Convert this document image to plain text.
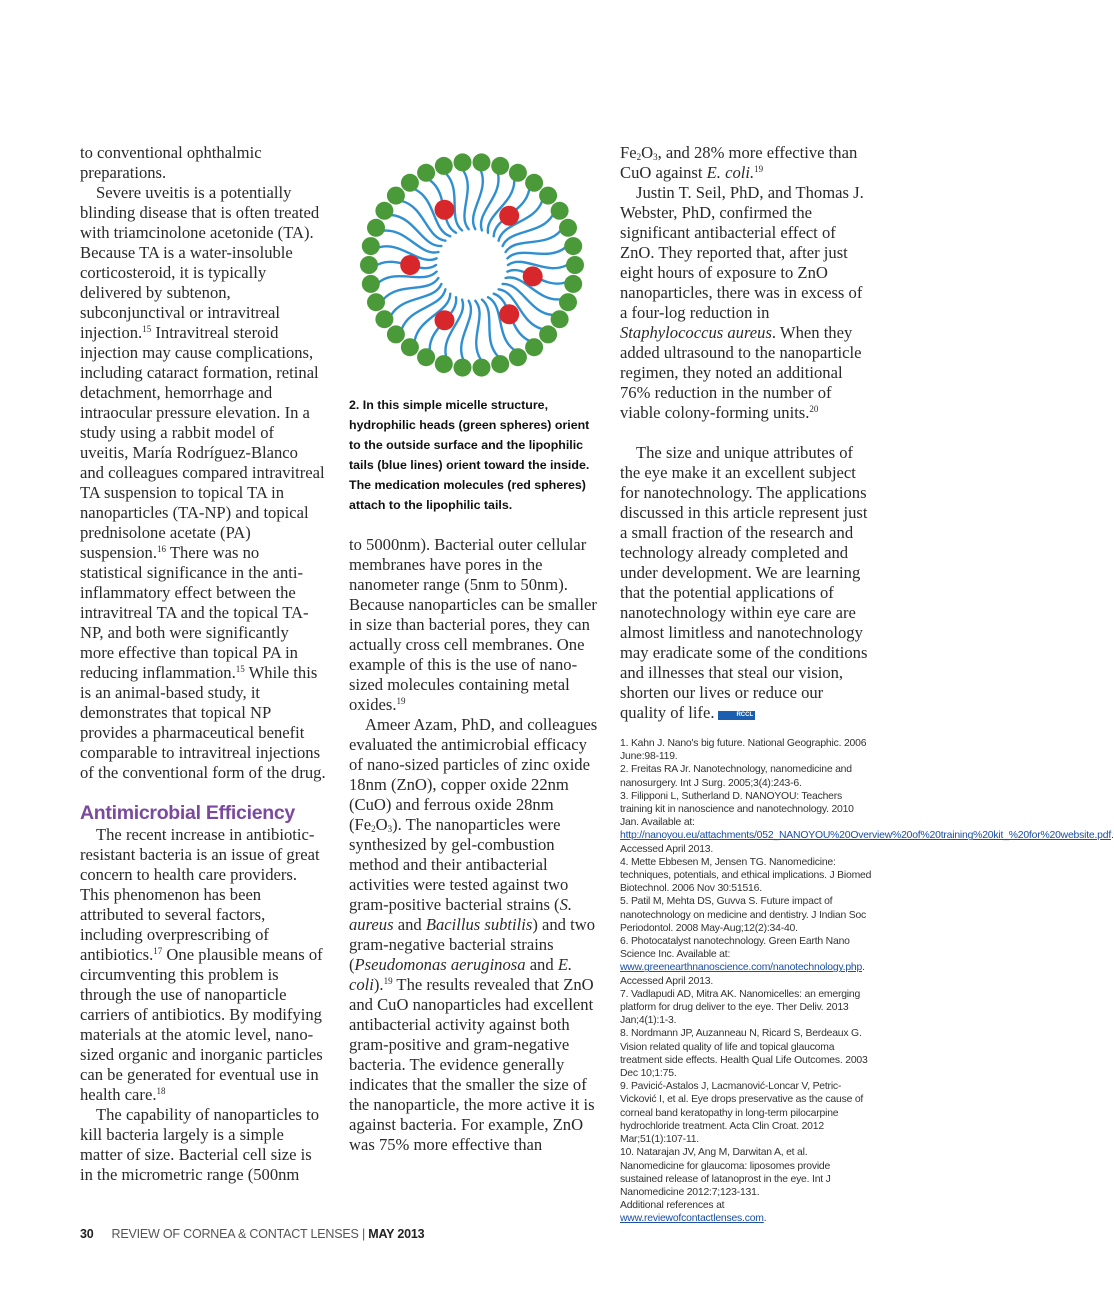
to conventional ophthalmic preparations.

Severe uveitis is a potentially blinding disease that is often treated with triamcinolone acetonide (TA). Because TA is a water-insoluble corticosteroid, it is typically delivered by subtenon, subconjunctival or intravitreal injection.$^{15}$ Intravitreal steroid injection may cause complications, including cataract formation, retinal detachment, hemorrhage and intraocular pressure elevation. In a study using a rabbit model of uveitis, María Rodríguez-Blanco and colleagues compared intravitreal TA suspension to topical TA in nanoparticles (TA-NP) and topical prednisolone acetate (PA) suspension.$^{16}$ There was no statistical significance in the anti-inflammatory effect between the intravitreal TA and the topical TA-NP, and both were significantly more effective than topical PA in reducing inflammation.$^{15}$ While this is an animal-based study, it demonstrates that topical NP provides a pharmaceutical benefit comparable to intravitreal injections of the conventional form of the drug.

Antimicrobial Efficiency

The recent increase in antibiotic-resistant bacteria is an issue of great concern to health care providers. This phenomenon has been attributed to several factors, including overprescribing of antibiotics.$^{17}$ One plausible means of circumventing this problem is through the use of nanoparticle carriers of antibiotics. By modifying materials at the atomic level, nano-sized organic and inorganic particles can be generated for eventual use in health care.$^{18}$

The capability of nanoparticles to kill bacteria largely is a simple matter of size. Bacterial cell size is in the micrometric range (500nm

2. In this simple micelle structure, hydrophilic heads (green spheres) orient to the outside surface and the lipophilic tails (blue lines) orient toward the inside. The medication molecules (red spheres) attach to the lipophilic tails.

to 5000nm). Bacterial outer cellular membranes have pores in the nanometer range (5nm to 50nm). Because nanoparticles can be smaller in size than bacterial pores, they can actually cross cell membranes. One example of this is the use of nano-sized molecules containing metal oxides.$^{19}$

Ameer Azam, PhD, and colleagues evaluated the antimicrobial efficacy of nano-sized particles of zinc oxide 18nm (ZnO), copper oxide 22nm (CuO) and ferrous oxide 28nm $(Fe_2O_3)$. The nanoparticles were synthesized by gel-combustion method and their antibacterial activities were tested against two gram-positive bacterial strains (S. aureus and Bacillus subtilis) and two gram-negative bacterial strains (Pseudomonas aeruginosa and E. coli).$^{19}$ The results revealed that ZnO and CuO nanoparticles had excellent antibacterial activity against both gram-positive and gram-negative bacteria. The evidence generally indicates that the smaller the size of the nanoparticle, the more active it is against bacteria. For example, ZnO was 75% more effective than

$Fe_2O_3$, and 28% more effective than CuO against E. coli.$^{19}$

Justin T. Seil, PhD, and Thomas J. Webster, PhD, confirmed the significant antibacterial effect of ZnO. They reported that, after just eight hours of exposure to ZnO nanoparticles, there was in excess of a four-log reduction in Staphylococcus aureus. When they added ultrasound to the nanoparticle regimen, they noted an additional 76% reduction in the number of viable colony-forming units.$^{20}$

The size and unique attributes of the eye make it an excellent subject for nanotechnology. The applications discussed in this article represent just a small fraction of the research and technology already completed and under development. We are learning that the potential applications of nanotechnology within eye care are almost limitless and nanotechnology may eradicate some of the conditions and illnesses that steal our vision, shorten our lives or reduce our quality of life.	RCCL

1. Kahn J. Nano's big future. National Geographic. 2006 June:98-119.
2. Freitas RA Jr. Nanotechnology, nanomedicine and nanosurgery. Int J Surg. 2005;3(4):243-6.
3. Filipponi L, Sutherland D. NANOYOU: Teachers training kit in nanoscience and nanotechnology. 2010 Jan. Available at: http://nanoyou.eu/attachments/052_NANOYOU%20Overview%20of%20training%20kit_%20for%20website.pdf. Accessed April 2013.
4. Mette Ebbesen M, Jensen TG. Nanomedicine: techniques, potentials, and ethical implications. J Biomed Biotechnol. 2006 Nov 30:51516.
5. Patil M, Mehta DS, Guvva S. Future impact of nanotechnology on medicine and dentistry. J Indian Soc Periodontol. 2008 May-Aug;12(2):34-40.
6. Photocatalyst nanotechnology. Green Earth Nano Science Inc. Available at: www.greenearthnanoscience.com/nanotechnology.php. Accessed April 2013.
7. Vadlapudi AD, Mitra AK. Nanomicelles: an emerging platform for drug deliver to the eye. Ther Deliv. 2013 Jan;4(1):1-3.
8. Nordmann JP, Auzanneau N, Ricard S, Berdeaux G. Vision related quality of life and topical glaucoma treatment side effects. Health Qual Life Outcomes. 2003 Dec 10;1:75.
9. Pavicić-Astalos J, Lacmanović-Loncar V, Petric-Vicković I, et al. Eye drops preservative as the cause of corneal band keratopathy in long-term pilocarpine hydrochloride treatment. Acta Clin Croat. 2012 Mar;51(1):107-11.
10. Natarajan JV, Ang M, Darwitan A, et al. Nanomedicine for glaucoma: liposomes provide sustained release of latanoprost in the eye. Int J Nanomedicine 2012:7;123-131.
Additional references at www.reviewofcontactlenses.com.
30 REVIEW OF CORNEA & CONTACT LENSES | MAY 2013
